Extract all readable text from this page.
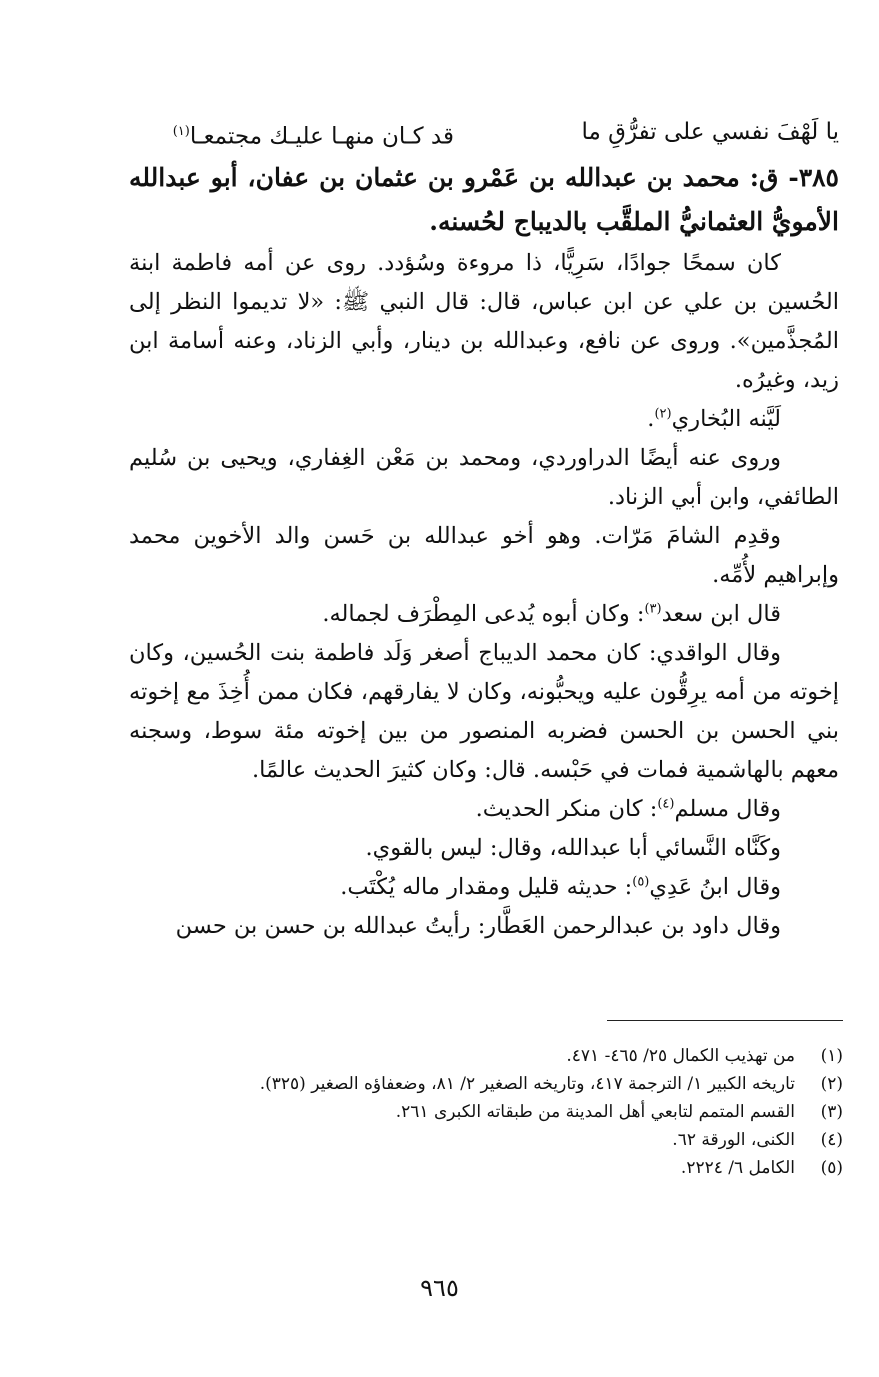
يا لَهْفَ نفسي على تفرُّقِ ما
قد كـان منهـا عليـك مجتمعـا$^{(١)}$
٣٨٥- ق: محمد بن عبدالله بن عَمْرو بن عثمان بن عفان، أبو عبدالله الأمويُّ العثمانيُّ الملقَّب بالديباج لحُسنه.

كان سمحًا جوادًا، سَرِيًّا، ذا مروءة وسُؤدد. روى عن أمه فاطمة ابنة الحُسين بن علي عن ابن عباس، قال: قال النبي ﷺ: «لا تديموا النظر إلى المُجذَّمين». وروى عن نافع، وعبدالله بن دينار، وأبي الزناد، وعنه أسامة ابن زيد، وغيرُه.

لَيَّنه البُخاري$^{(٢)}$.

وروى عنه أيضًا الدراوردي، ومحمد بن مَعْن الغِفاري، ويحيى بن سُليم الطائفي، وابن أبي الزناد.

وقدِم الشامَ مَرّات. وهو أخو عبدالله بن حَسن والد الأخوين محمد وإبراهيم لأُمِّه.

قال ابن سعد$^{(٣)}$: وكان أبوه يُدعى المِطْرَف لجماله.

وقال الواقدي: كان محمد الديباج أصغر وَلَد فاطمة بنت الحُسين، وكان إخوته من أمه يرِقُّون عليه ويحبُّونه، وكان لا يفارقهم، فكان ممن أُخِذَ مع إخوته بني الحسن بن الحسن فضربه المنصور من بين إخوته مئة سوط، وسجنه معهم بالهاشمية فمات في حَبْسه. قال: وكان كثيرَ الحديث عالمًا.

وقال مسلم$^{(٤)}$: كان منكر الحديث.

وكَنَّاه النَّسائي أبا عبدالله، وقال: ليس بالقوي.

وقال ابنُ عَدِي$^{(٥)}$: حديثه قليل ومقدار ماله يُكْتَب.

وقال داود بن عبدالرحمن العَطَّار: رأيتُ عبدالله بن حسن بن حسن

(١)
من تهذيب الكمال ٢٥/ ٤٦٥- ٤٧١.
(٢)
تاريخه الكبير ١/ الترجمة ٤١٧، وتاريخه الصغير ٢/ ٨١، وضعفاؤه الصغير (٣٢٥).
(٣)
القسم المتمم لتابعي أهل المدينة من طبقاته الكبرى ٢٦١.
(٤)
الكنى، الورقة ٦٢.
(٥)
الكامل ٦/ ٢٢٢٤.
٩٦٥
